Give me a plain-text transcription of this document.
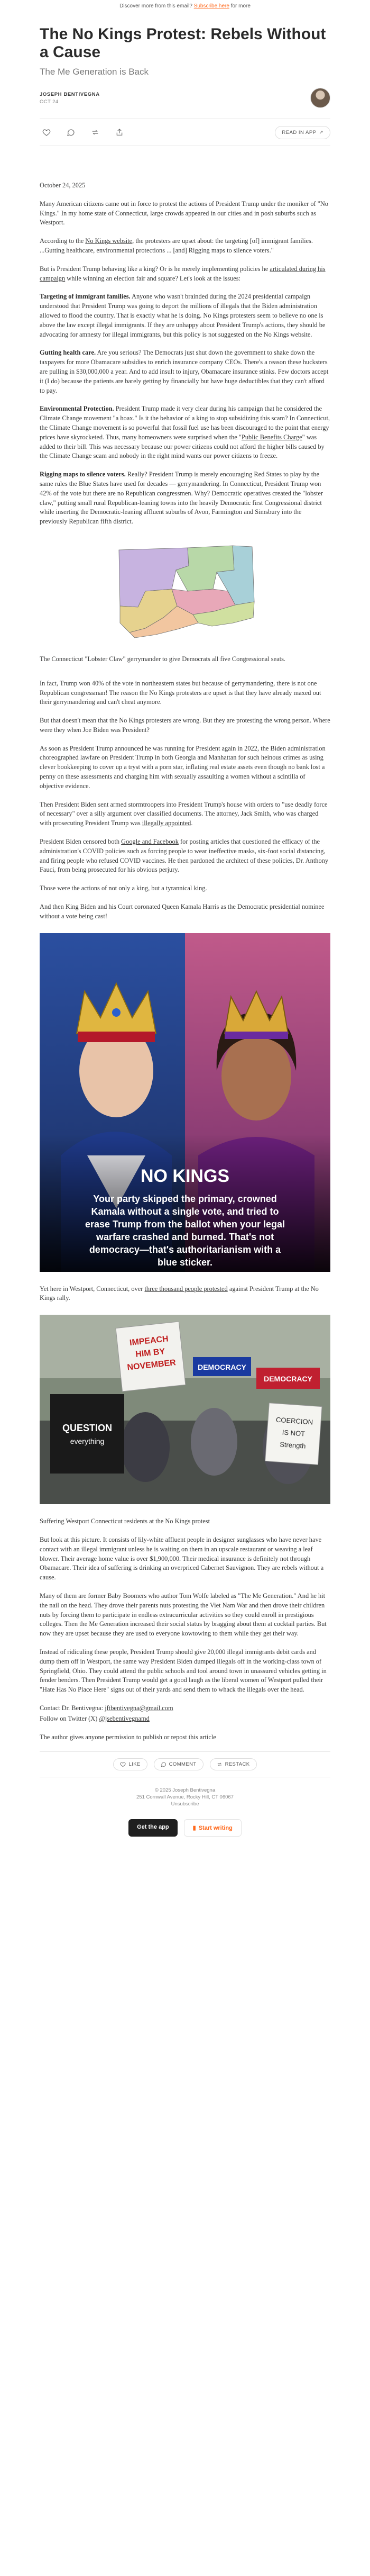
Discover more from this email? Subscribe here for more
The No Kings Protest: Rebels Without a Cause
The Me Generation is Back
JOSEPH BENTIVEGNA
OCT 24
READ IN APP ↗

October 24, 2025

Many American citizens came out in force to protest the actions of President Trump under the moniker of "No Kings." In my home state of Connecticut, large crowds appeared in our cities and in posh suburbs such as Westport.

According to the No Kings website, the protesters are upset about: the targeting [of] immigrant families. ...Gutting healthcare, environmental protections ... [and] Rigging maps to silence voters."

But is President Trump behaving like a king? Or is he merely implementing policies he articulated during his campaign while winning an election fair and square? Let's look at the issues:

Targeting of immigrant families. Anyone who wasn't brainded during the 2024 presidential campaign understood that President Trump was going to deport the millions of illegals that the Biden administration allowed to flood the country. That is exactly what he is doing. No Kings protesters seem to believe no one is above the law except illegal immigrants. If they are unhappy about President Trump's actions, they should be advocating for amnesty for illegal immigrants, but this policy is not suggested on the No Kings website.

Gutting health care. Are you serious? The Democrats just shut down the government to shake down the taxpayers for more Obamacare subsidies to enrich insurance company CEOs. There's a reason these hucksters are pulling in $30,000,000 a year. And to add insult to injury, Obamacare insurance stinks. Few doctors accept it (I do) because the patients are barely getting by financially but have huge deductibles that they can't afford to pay.

Environmental Protection. President Trump made it very clear during his campaign that he considered the Climate Change movement "a hoax." Is it the behavior of a king to stop subsidizing this scam? In Connecticut, the Climate Change movement is so powerful that fossil fuel use has been discouraged to the point that energy prices have skyrocketed. Thus, many homeowners were surprised when the "Public Benefits Charge" was added to their bill. This was necessary because our power citizens could not afford the higher bills caused by the Climate Change scam and nobody in the right mind wants our power citizens to freeze.

Rigging maps to silence voters. Really? President Trump is merely encouraging Red States to play by the same rules the Blue States have used for decades — gerrymandering. In Connecticut, President Trump won 42% of the vote but there are no Republican congressmen. Why? Democratic operatives created the "lobster claw," putting small rural Republican-leaning towns into the heavily Democratic first Congressional district while inserting the Democratic-leaning affluent suburbs of Avon, Farmington and Simsbury into the previously Republican fifth district.

The Connecticut "Lobster Claw" gerrymander to give Democrats all five Congressional seats.

In fact, Trump won 40% of the vote in northeastern states but because of gerrymandering, there is not one Republican congressman! The reason the No Kings protesters are upset is that they have already maxed out their gerrymandering and can't cheat anymore.

But that doesn't mean that the No Kings protesters are wrong. But they are protesting the wrong person. Where were they when Joe Biden was President?

As soon as President Trump announced he was running for President again in 2022, the Biden administration choreographed lawfare on President Trump in both Georgia and Manhattan for such heinous crimes as using clever bookkeeping to cover up a tryst with a porn star, inflating real estate assets even though no bank lost a penny on these assessments and charging him with sexually assaulting a women without a scintilla of objective evidence.

Then President Biden sent armed stormtroopers into President Trump's house with orders to "use deadly force of necessary" over a silly argument over classified documents. The attorney, Jack Smith, who was charged with prosecuting President Trump was illegally appointed.

President Biden censored both Google and Facebook for posting articles that questioned the efficacy of the administration's COVID policies such as forcing people to wear ineffective masks, six-foot social distancing, and firing people who refused COVID vaccines. He then pardoned the architect of these policies, Dr. Anthony Fauci, from being prosecuted for his obvious perjury.

Those were the actions of not only a king, but a tyrannical king.

And then King Biden and his Court coronated Queen Kamala Harris as the Democratic presidential nominee without a vote being cast!

NO KINGS
Your party skipped the primary, crowned
Kamala without a single vote, and tried to
erase Trump from the ballot when your legal
warfare crashed and burned. That's not
democracy—that's authoritarianism with a
blue sticker.

Yet here in Westport, Connecticut, over three thousand people protested against President Trump at the No Kings rally.

IMPEACH
HIM BY
NOVEMBER	DEMOCRACY
QUESTION
everything
DEMOCRACY
COERCION
IS NOT
Strength

Suffering Westport Connecticut residents at the No Kings protest

But look at this picture. It consists of lily-white affluent people in designer sunglasses who have never have contact with an illegal immigrant unless he is waiting on them in an upscale restaurant or weaving a leaf blower. Their average home value is over $1,900,000. Their medical insurance is definitely not through Obamacare. Their idea of suffering is drinking an overpriced Cabernet Sauvignon. They are rebels without a cause.

Many of them are former Baby Boomers who author Tom Wolfe labeled as "The Me Generation." And he hit the nail on the head. They drove their parents nuts protesting the Viet Nam War and then drove their children nuts by forcing them to participate in endless extracurricular activities so they could enroll in prestigious colleges. Then the Me Generation increased their social status by bragging about them at cocktail parties. But now they are upset because they are used to everyone kowtowing to them while they get their way.

Instead of ridiculing these people, President Trump should give 20,000 illegal immigrants debit cards and dump them off in Westport, the same way President Biden dumped illegals off in the working-class town of Springfield, Ohio. They could attend the public schools and tool around town in unassured vehicles getting in fender benders. Then President Trump would get a good laugh as the liberal women of Westport pulled their "Hate Has No Place Here" signs out of their yards and send them to whack the illegals over the head.

Contact Dr. Bentivegna: jftbentivegna@gmail.com

Follow on Twitter (X) @jsebentivegnamd

The author gives anyone permission to publish or repost this article

LIKE	COMMENT	RESTACK
© 2025 Joseph Bentivegna
251 Cornwall Avenue, Rocky Hill, CT 06067
Unsubscribe
Get the app	▮ Start writing
